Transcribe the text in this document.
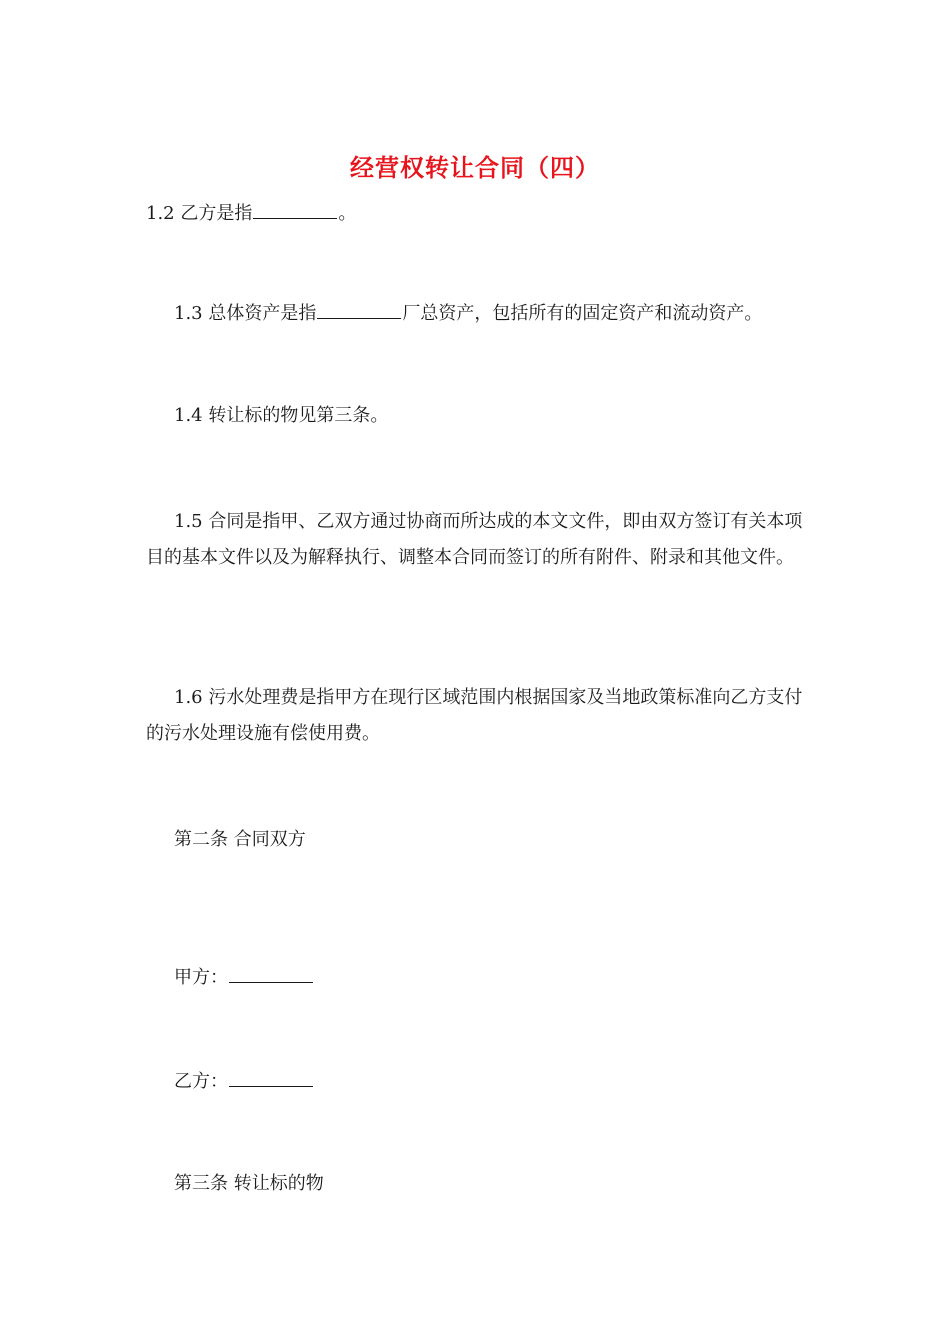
经营权转让合同（四）

1.2 乙方是指	。

1.3 总体资产是指	厂总资产，包括所有的固定资产和流动资产。

1.4 转让标的物见第三条。

1.5 合同是指甲、乙双方通过协商而所达成的本文文件，即由双方签订有关本项目的基本文件以及为解释执行、调整本合同而签订的所有附件、附录和其他文件。

1.6 污水处理费是指甲方在现行区域范围内根据国家及当地政策标准向乙方支付的污水处理设施有偿使用费。

第二条 合同双方

甲方：

乙方：

第三条 转让标的物
